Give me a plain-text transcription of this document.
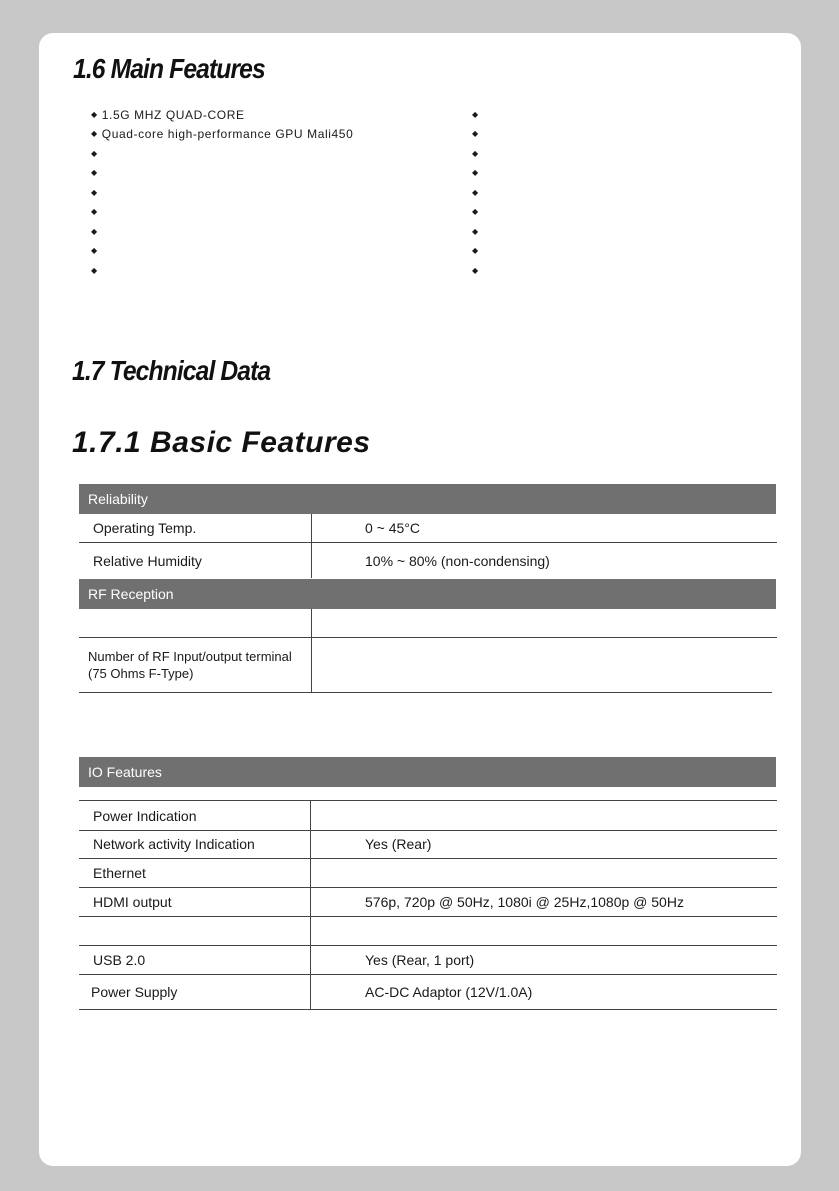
1.6 Main Features
◆ 1.5G MHZ QUAD-CORE
◆ Quad-core high-performance GPU Mali450
◆
◆
◆
◆
◆
◆
◆
◆
◆
◆
◆
◆
◆
◆
◆
◆
1.7 Technical Data
1.7.1 Basic Features
Reliability
Operating Temp.	0 ~ 45°C
Relative Humidity	10% ~ 80% (non-condensing)
RF Reception
Number of RF Input/output terminal
(75 Ohms F-Type)
IO Features
Power Indication
Network activity Indication	Yes (Rear)
Ethernet
HDMI output	576p, 720p @ 50Hz, 1080i @ 25Hz,1080p @ 50Hz
USB 2.0	Yes (Rear, 1 port)
Power Supply	AC-DC Adaptor (12V/1.0A)
